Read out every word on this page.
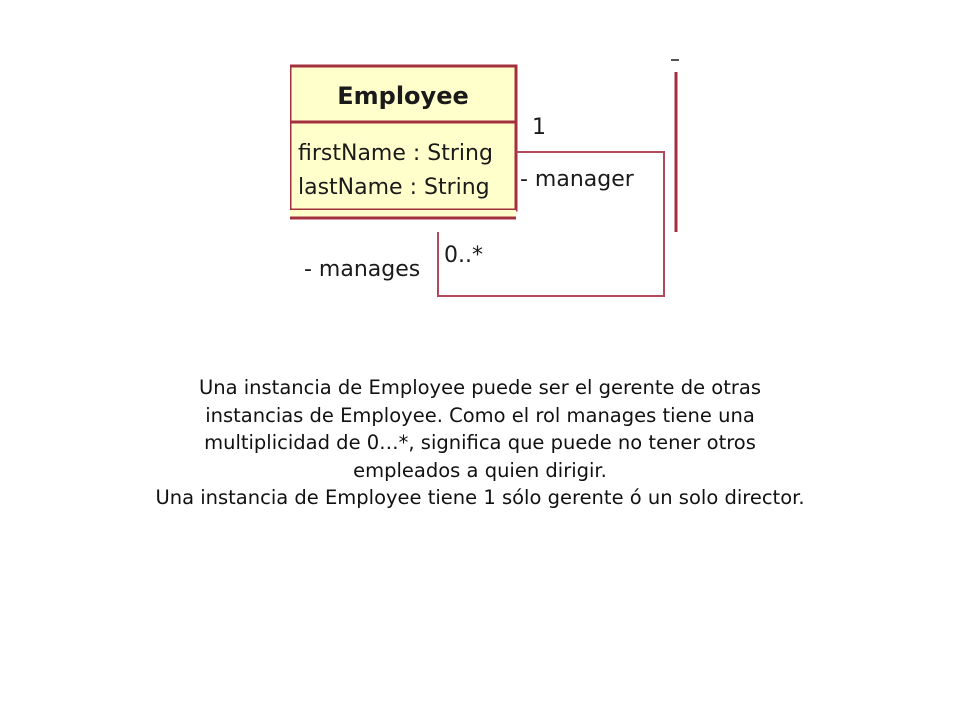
Employee
firstName : String
lastName : String
1
- manager
0..*
- manages
Una instancia de Employee puede ser el gerente de otras
instancias de Employee. Como el rol manages tiene una
multiplicidad de 0…*, significa que puede no tener otros
empleados a quien dirigir.
Una instancia de Employee tiene 1 sólo gerente ó un solo director.
